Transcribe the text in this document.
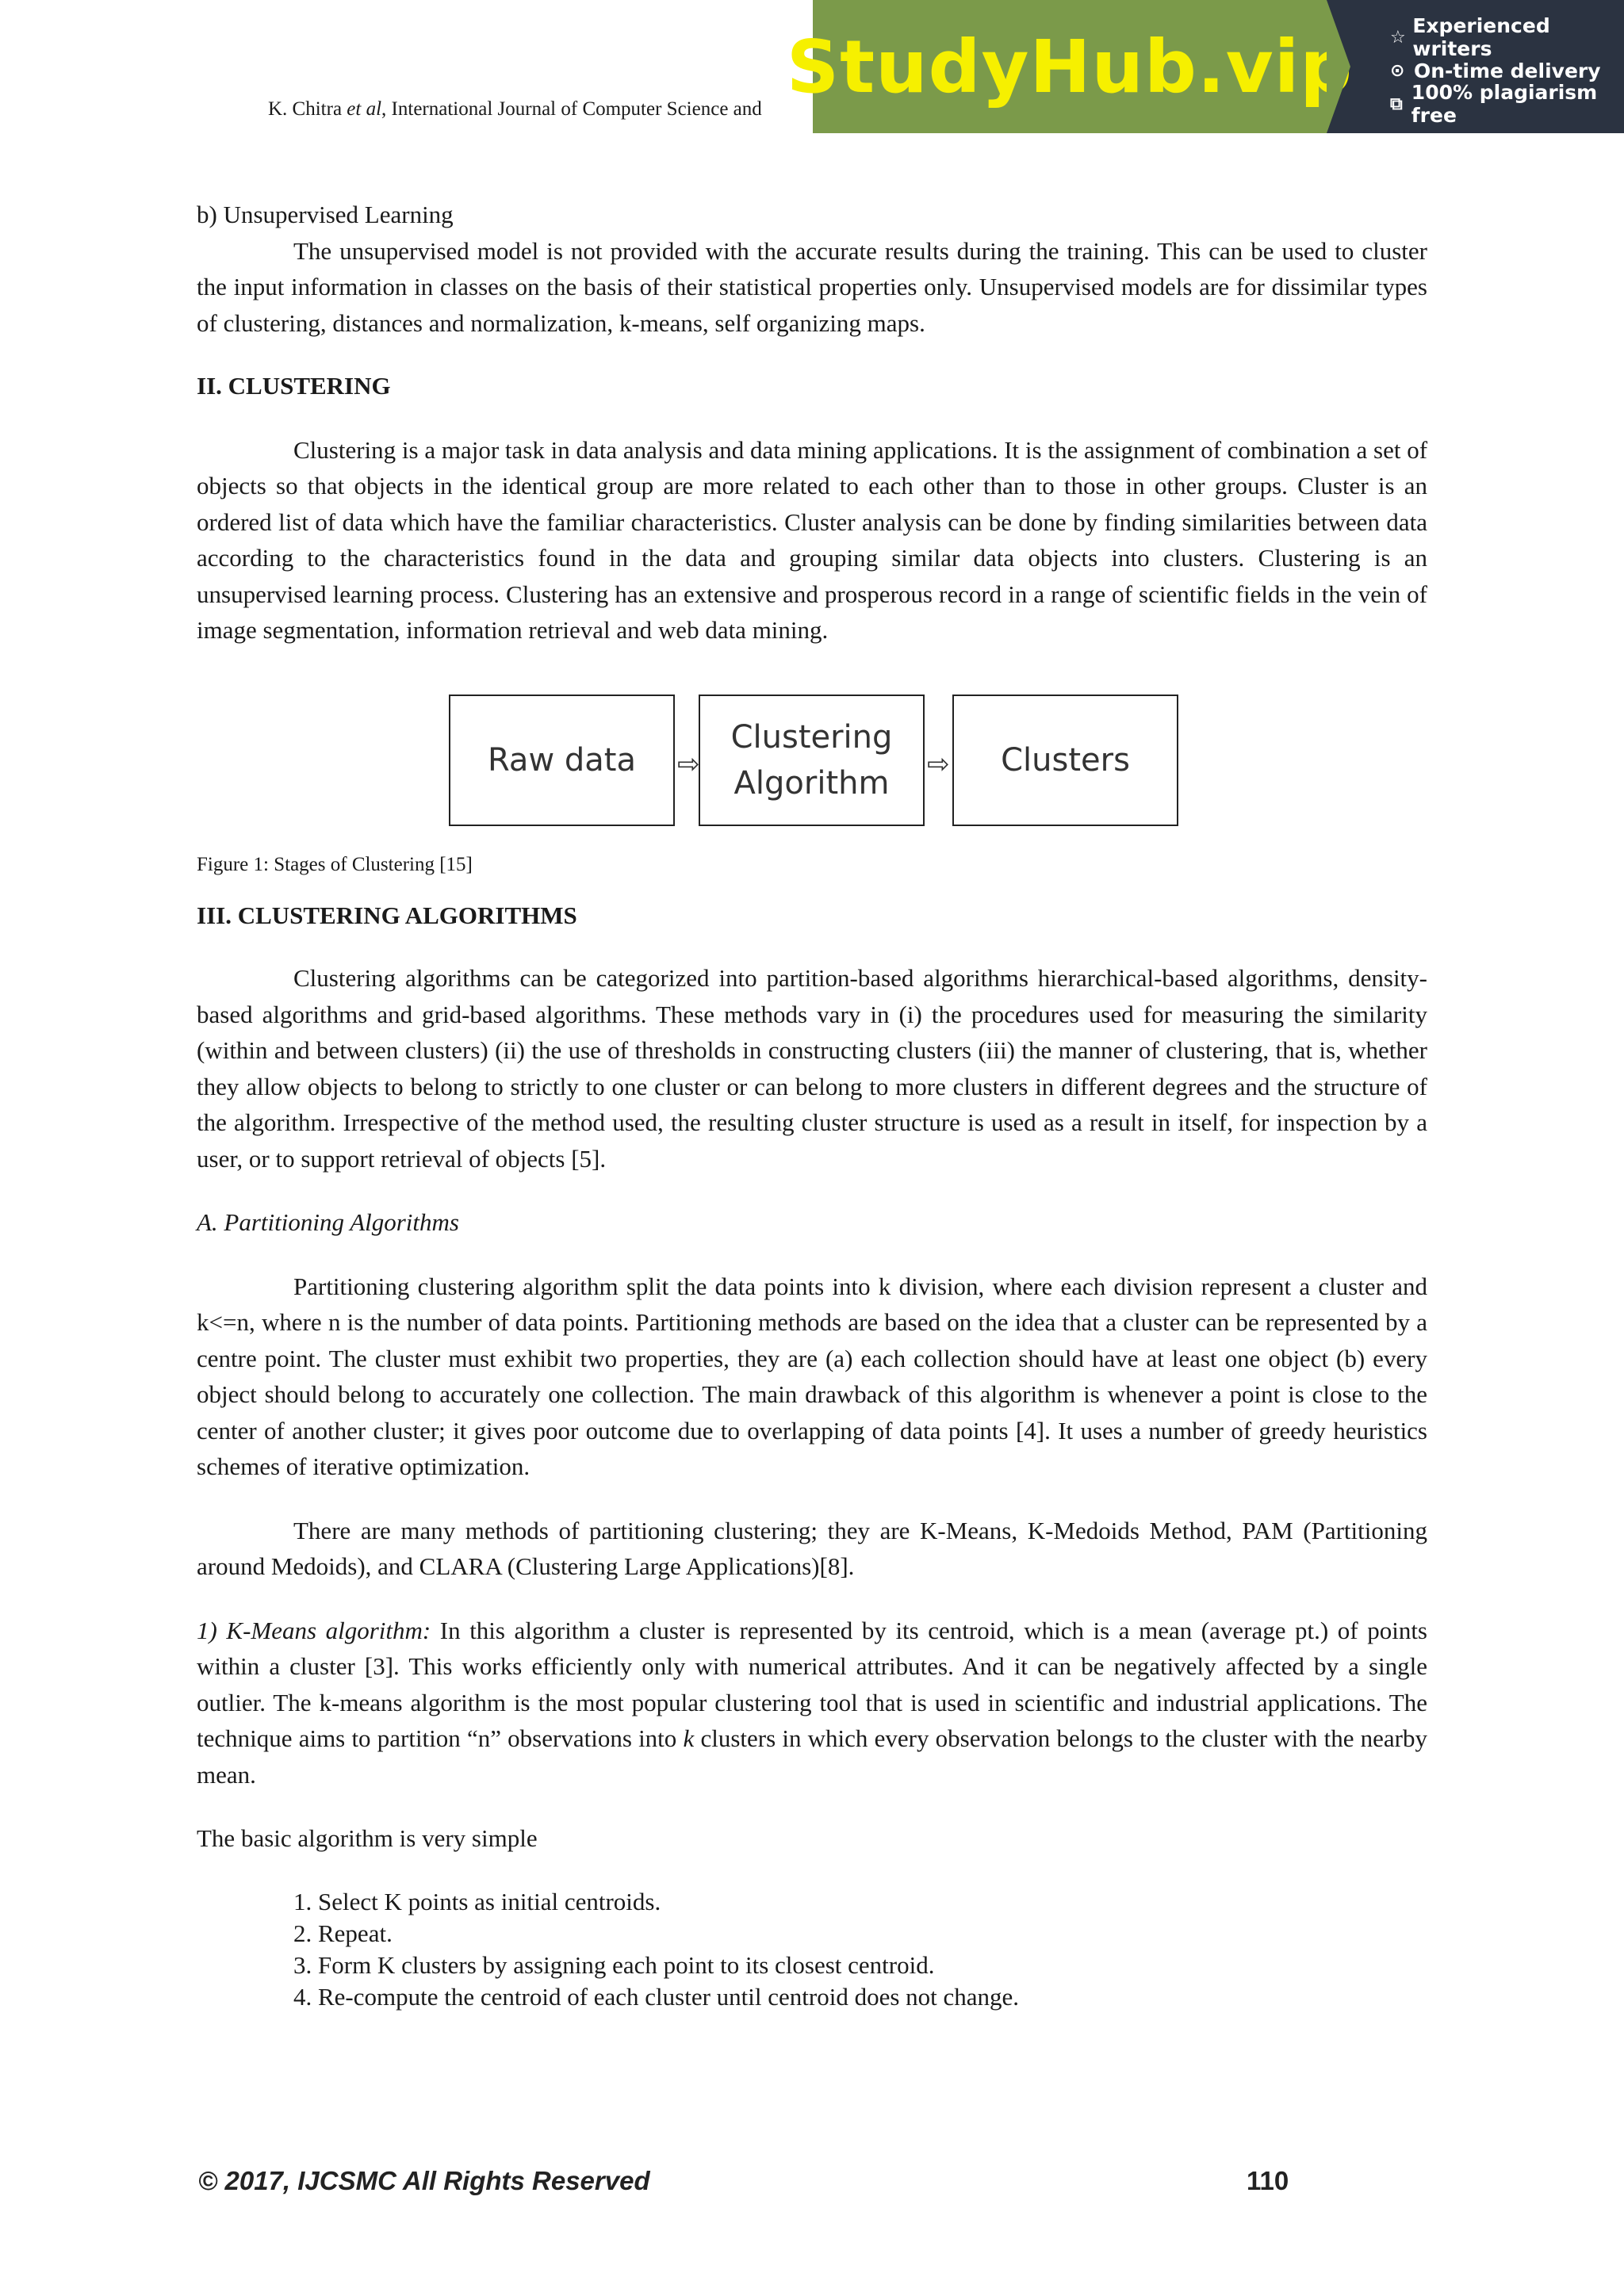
K. Chitra et al, International Journal of Computer Science and StudyHub.vip ☆ Experienced writers
⊙ On-time delivery
⧉ 100% plagiarism free

b) Unsupervised Learning

The unsupervised model is not provided with the accurate results during the training. This can be used to cluster the input information in classes on the basis of their statistical properties only. Unsupervised models are for dissimilar types of clustering, distances and normalization, k-means, self organizing maps.

II. CLUSTERING

Clustering is a major task in data analysis and data mining applications. It is the assignment of combination a set of objects so that objects in the identical group are more related to each other than to those in other groups. Cluster is an ordered list of data which have the familiar characteristics. Cluster analysis can be done by finding similarities between data according to the characteristics found in the data and grouping similar data objects into clusters. Clustering is an unsupervised learning process. Clustering has an extensive and prosperous record in a range of scientific fields in the vein of image segmentation, information retrieval and web data mining.

Raw data ⇨
Clustering
Algorithm
⇨ Clusters

Figure 1: Stages of Clustering [15]

III. CLUSTERING ALGORITHMS

Clustering algorithms can be categorized into partition-based algorithms hierarchical-based algorithms, density-based algorithms and grid-based algorithms. These methods vary in (i) the procedures used for measuring the similarity (within and between clusters) (ii) the use of thresholds in constructing clusters (iii) the manner of clustering, that is, whether they allow objects to belong to strictly to one cluster or can belong to more clusters in different degrees and the structure of the algorithm. Irrespective of the method used, the resulting cluster structure is used as a result in itself, for inspection by a user, or to support retrieval of objects [5].

A. Partitioning Algorithms

Partitioning clustering algorithm split the data points into k division, where each division represent a cluster and k<=n, where n is the number of data points. Partitioning methods are based on the idea that a cluster can be represented by a centre point. The cluster must exhibit two properties, they are (a) each collection should have at least one object (b) every object should belong to accurately one collection. The main drawback of this algorithm is whenever a point is close to the center of another cluster; it gives poor outcome due to overlapping of data points [4]. It uses a number of greedy heuristics schemes of iterative optimization.

There are many methods of partitioning clustering; they are K-Means, K-Medoids Method, PAM (Partitioning around Medoids), and CLARA (Clustering Large Applications)[8].

1) K-Means algorithm: In this algorithm a cluster is represented by its centroid, which is a mean (average pt.) of points within a cluster [3]. This works efficiently only with numerical attributes. And it can be negatively affected by a single outlier. The k-means algorithm is the most popular clustering tool that is used in scientific and industrial applications. The technique aims to partition “n” observations into k clusters in which every observation belongs to the cluster with the nearby mean.

The basic algorithm is very simple

1. Select K points as initial centroids.
2. Repeat.
3. Form K clusters by assigning each point to its closest centroid.
4. Re-compute the centroid of each cluster until centroid does not change.
© 2017, IJCSMC All Rights Reserved	110
